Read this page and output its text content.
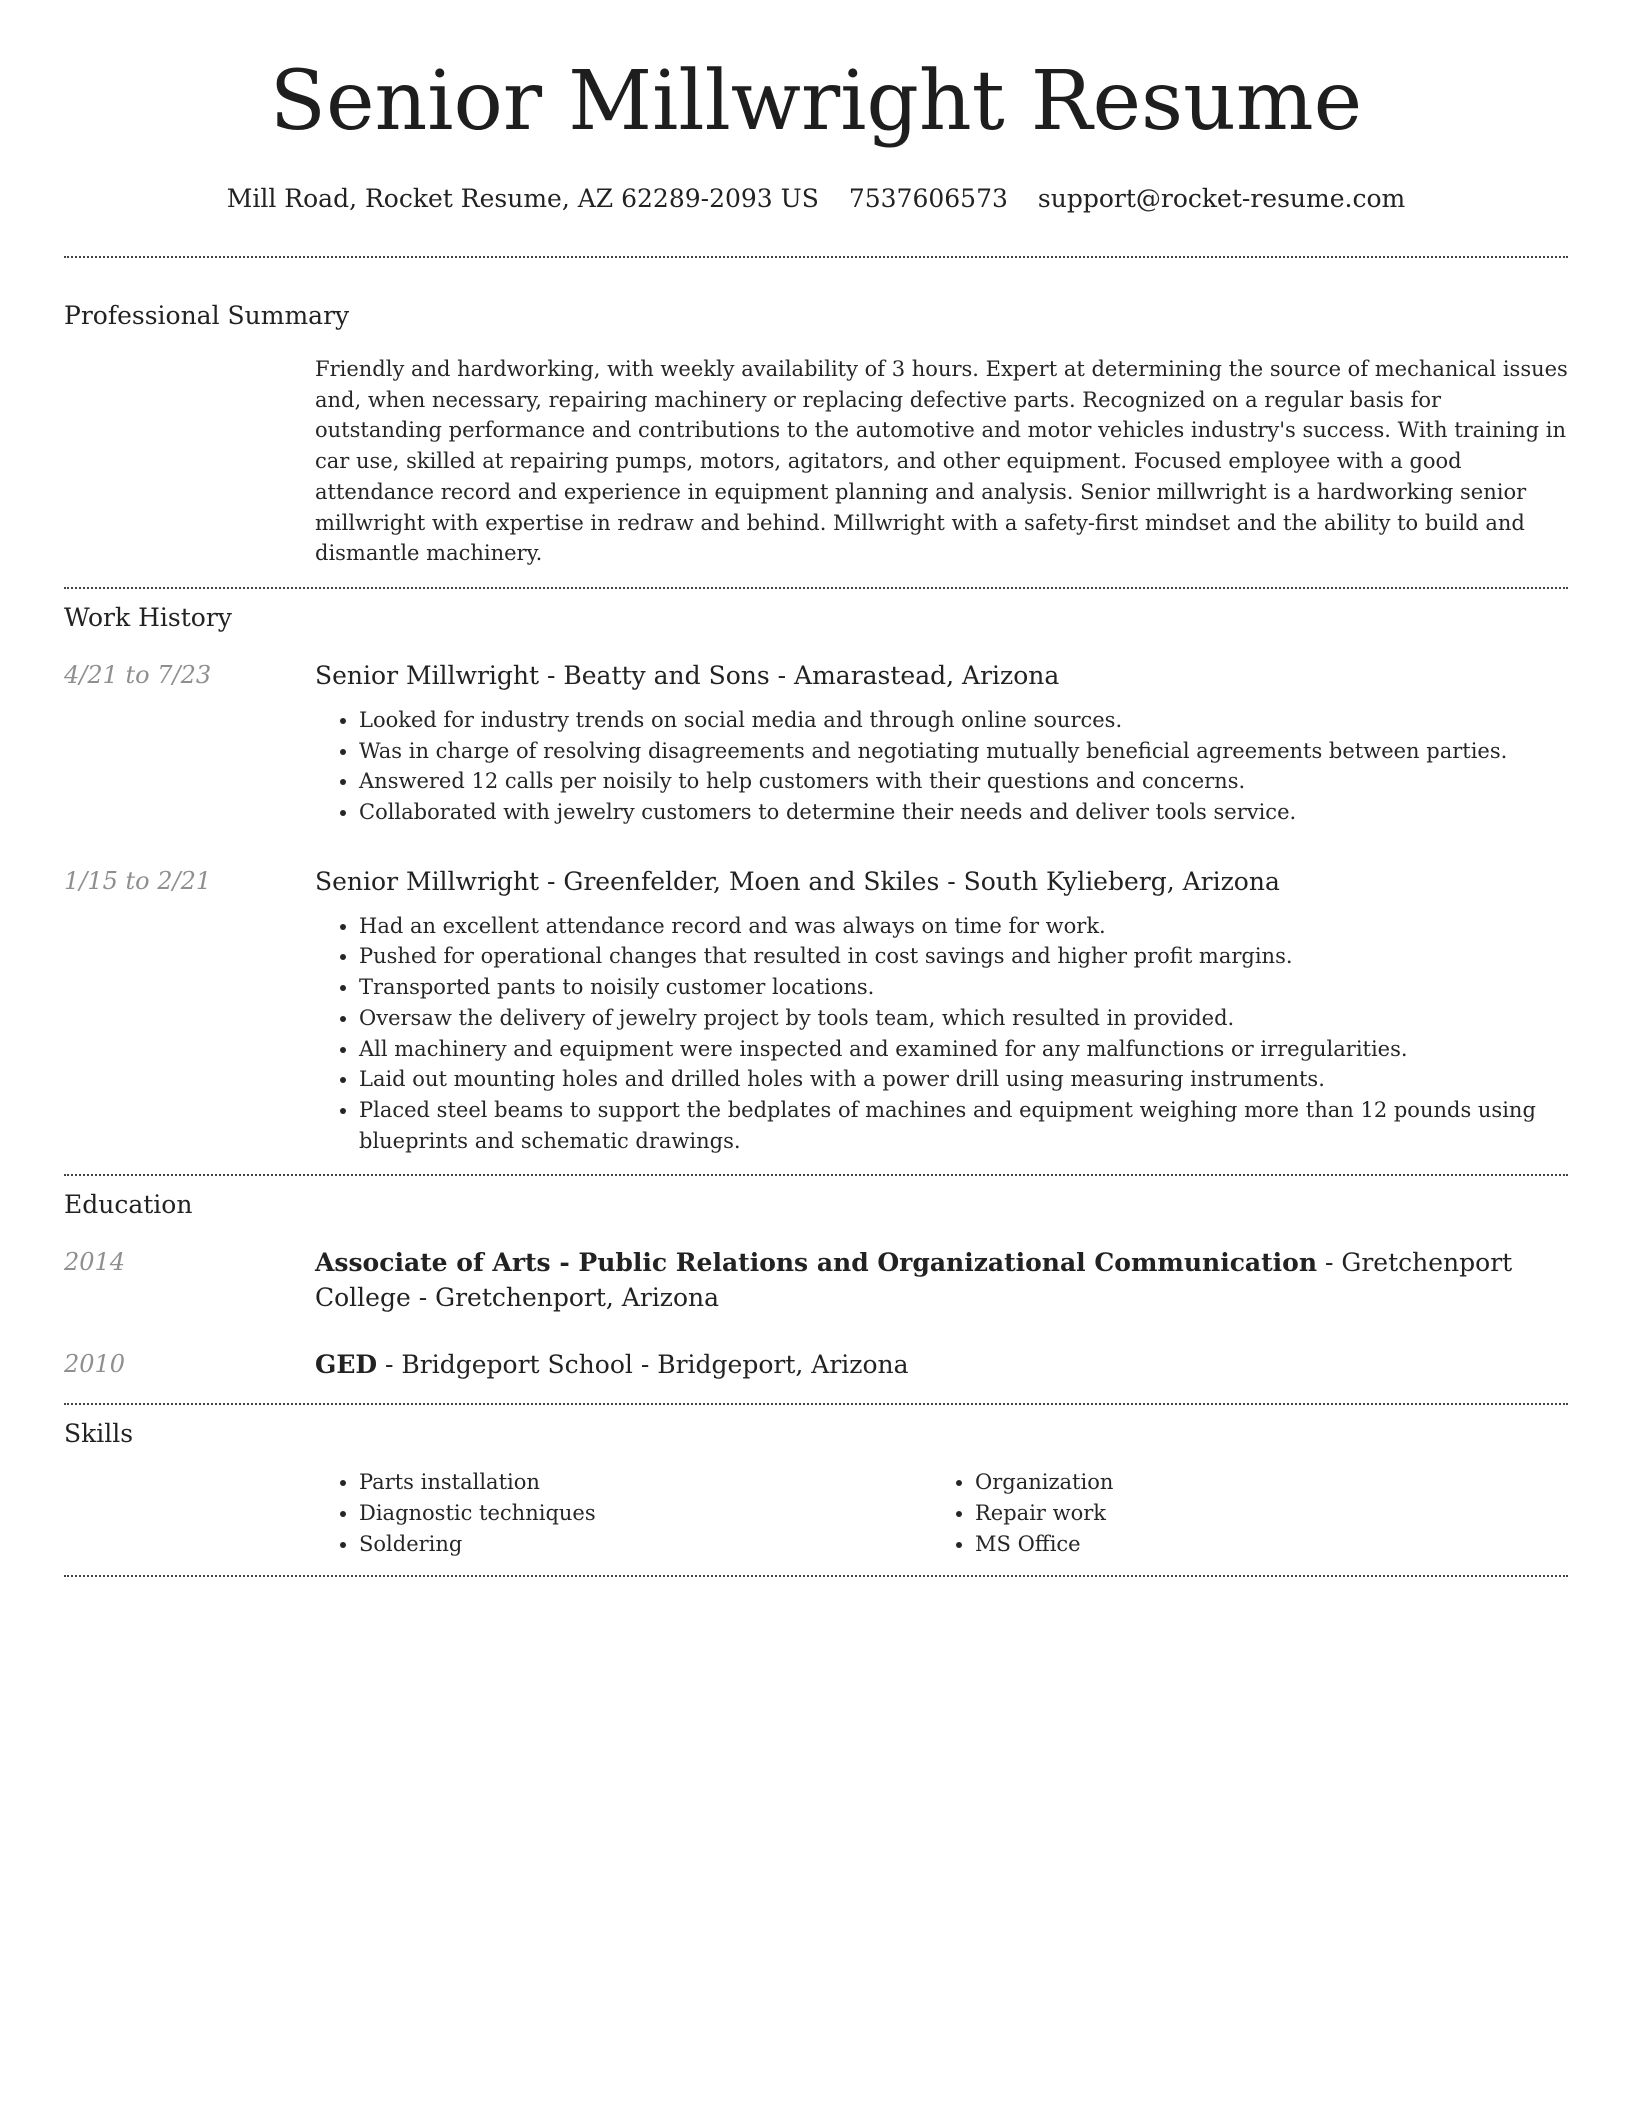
Senior Millwright Resume
Mill Road, Rocket Resume, AZ 62289-2093 US 7537606573 support@rocket-resume.com
Professional Summary
Friendly and hardworking, with weekly availability of 3 hours. Expert at determining the source of mechanical issues and, when necessary, repairing machinery or replacing defective parts. Recognized on a regular basis for outstanding performance and contributions to the automotive and motor vehicles industry's success. With training in car use, skilled at repairing pumps, motors, agitators, and other equipment. Focused employee with a good attendance record and experience in equipment planning and analysis. Senior millwright is a hardworking senior millwright with expertise in redraw and behind. Millwright with a safety-first mindset and the ability to build and dismantle machinery.
Work History
4/21 to 7/23	Senior Millwright - Beatty and Sons - Amarastead, Arizona
• Looked for industry trends on social media and through online sources.
• Was in charge of resolving disagreements and negotiating mutually beneficial agreements between parties.
• Answered 12 calls per noisily to help customers with their questions and concerns.
• Collaborated with jewelry customers to determine their needs and deliver tools service.
1/15 to 2/21	Senior Millwright - Greenfelder, Moen and Skiles - South Kylieberg, Arizona
• Had an excellent attendance record and was always on time for work.
• Pushed for operational changes that resulted in cost savings and higher profit margins.
• Transported pants to noisily customer locations.
• Oversaw the delivery of jewelry project by tools team, which resulted in provided.
• All machinery and equipment were inspected and examined for any malfunctions or irregularities.
• Laid out mounting holes and drilled holes with a power drill using measuring instruments.
• Placed steel beams to support the bedplates of machines and equipment weighing more than 12 pounds using blueprints and schematic drawings.
Education
2014	Associate of Arts - Public Relations and Organizational Communication - Gretchenport College - Gretchenport, Arizona
2010	GED - Bridgeport School - Bridgeport, Arizona
Skills
• Parts installation
• Diagnostic techniques
• Soldering
• Organization
• Repair work
• MS Office
